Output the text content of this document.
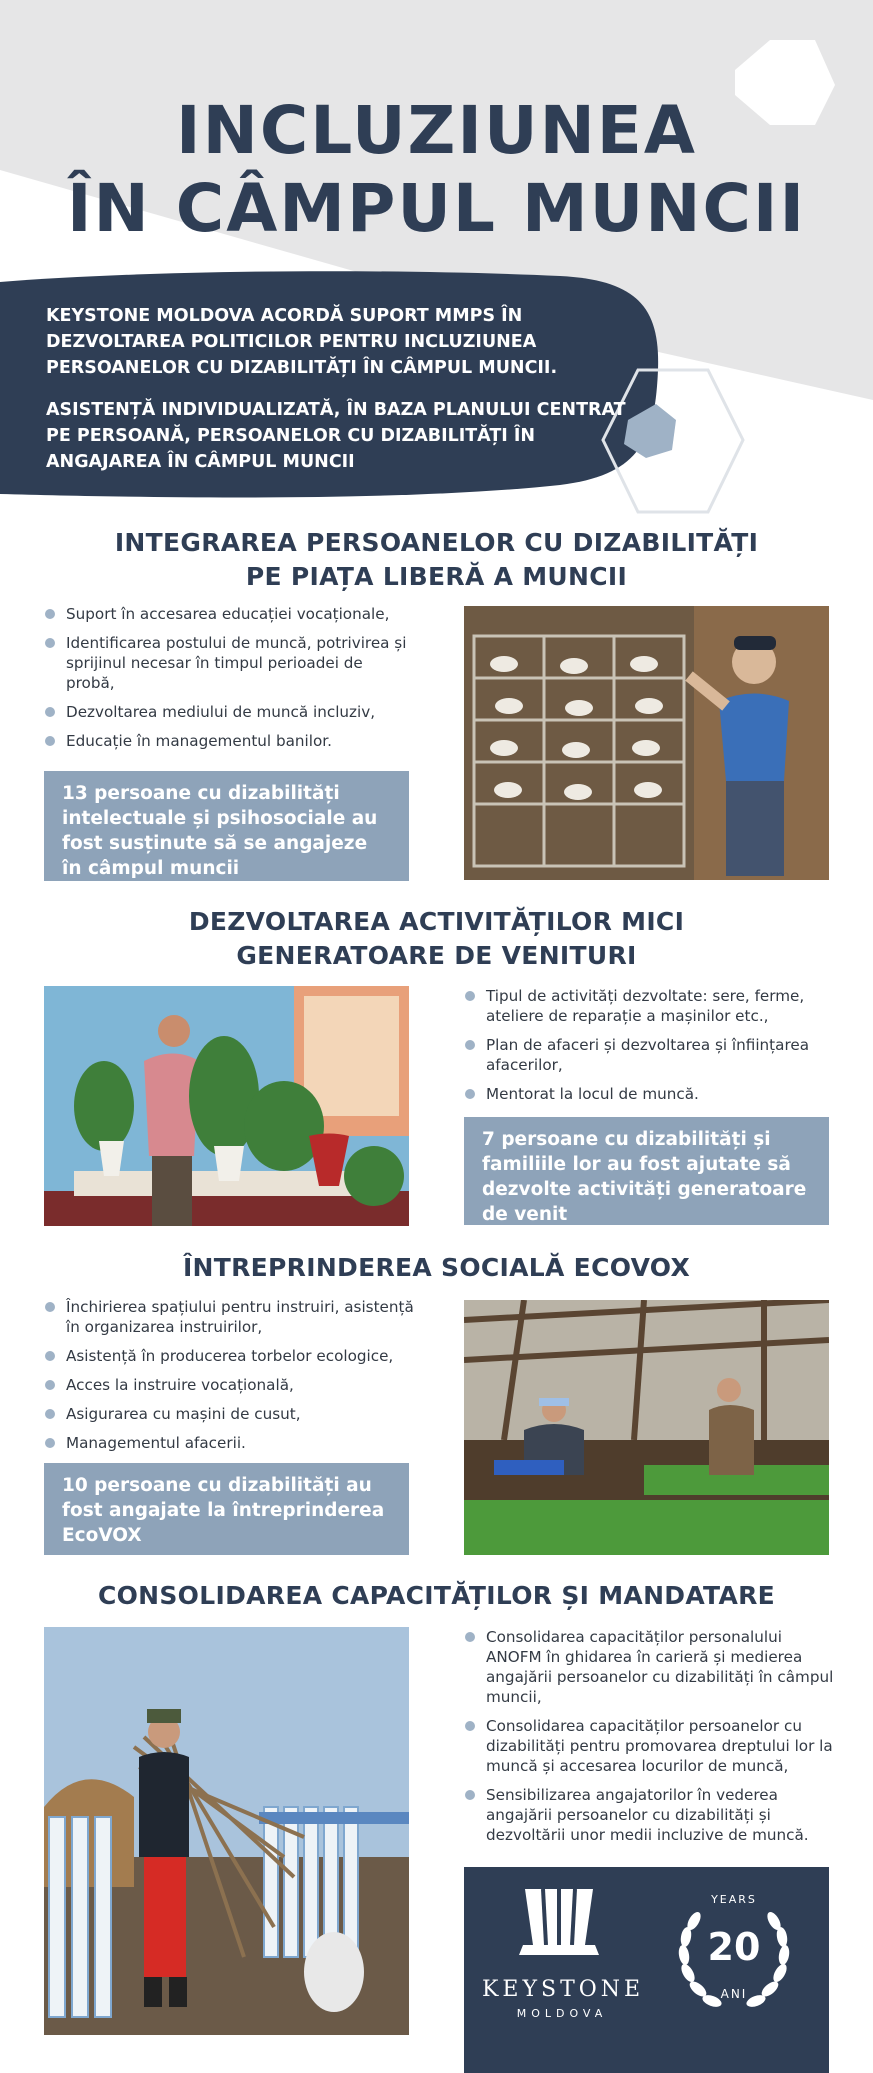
INCLUZIUNEA
ÎN CÂMPUL MUNCII
KEYSTONE MOLDOVA ACORDĂ SUPORT MMPS ÎN DEZVOLTAREA POLITICILOR PENTRU INCLUZIUNEA PERSOANELOR CU DIZABILITĂȚI ÎN CÂMPUL MUNCII.
ASISTENȚĂ INDIVIDUALIZATĂ, ÎN BAZA PLANULUI CENTRAT PE PERSOANĂ, PERSOANELOR CU DIZABILITĂȚI ÎN ANGAJAREA ÎN CÂMPUL MUNCII
INTEGRAREA PERSOANELOR CU DIZABILITĂȚI
PE PIAȚA LIBERĂ A MUNCII
Suport în accesarea educației vocaționale,
Identificarea postului de muncă, potrivirea și sprijinul necesar în timpul perioadei de probă,
Dezvoltarea mediului de muncă incluziv,
Educație în managementul banilor.
13 persoane cu dizabilități intelectuale și psihosociale au fost susținute să se angajeze în câmpul muncii
DEZVOLTAREA ACTIVITĂȚILOR MICI
GENERATOARE DE VENITURI
Tipul de activități dezvoltate: sere, ferme, ateliere de reparație a mașinilor etc.,
Plan de afaceri și dezvoltarea și înființarea afacerilor,
Mentorat la locul de muncă.
7 persoane cu dizabilități și familiile lor au fost ajutate să dezvolte activități generatoare de venit
ÎNTREPRINDEREA SOCIALĂ ECOVOX
Închirierea spațiului pentru instruiri, asistență în organizarea instruirilor,
Asistență în producerea torbelor ecologice,
Acces la instruire vocațională,
Asigurarea cu mașini de cusut,
Managementul afacerii.
10 persoane cu dizabilități au fost angajate la întreprinderea EcoVOX
CONSOLIDAREA CAPACITĂȚILOR ȘI MANDATARE
Consolidarea capacităților personalului ANOFM în ghidarea în carieră și medierea angajării persoanelor cu dizabilități în câmpul muncii,
Consolidarea capacităților persoanelor cu dizabilități pentru promovarea dreptului lor la muncă și accesarea locurilor de muncă,
Sensibilizarea angajatorilor în vederea angajării persoanelor cu dizabilități și dezvoltării unor medii incluzive de muncă.
KEYSTONE
MOLDOVA
YEARS
20
ANI
